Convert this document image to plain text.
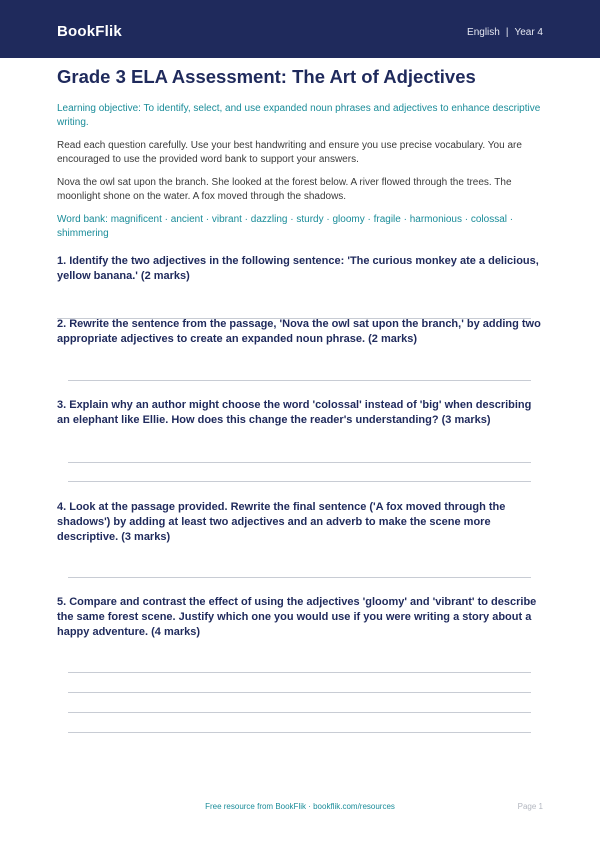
BookFlik	English | Year 4
Grade 3 ELA Assessment: The Art of Adjectives

Learning objective: To identify, select, and use expanded noun phrases and adjectives to enhance descriptive writing.

Read each question carefully. Use your best handwriting and ensure you use precise vocabulary. You are encouraged to use the provided word bank to support your answers.

Nova the owl sat upon the branch. She looked at the forest below. A river flowed through the trees. The moonlight shone on the water. A fox moved through the shadows.

Word bank: magnificent · ancient · vibrant · dazzling · sturdy · gloomy · fragile · harmonious · colossal · shimmering

1. Identify the two adjectives in the following sentence: 'The curious monkey ate a delicious, yellow banana.' (2 marks)

2. Rewrite the sentence from the passage, 'Nova the owl sat upon the branch,' by adding two appropriate adjectives to create an expanded noun phrase. (2 marks)

3. Explain why an author might choose the word 'colossal' instead of 'big' when describing an elephant like Ellie. How does this change the reader's understanding? (3 marks)

4. Look at the passage provided. Rewrite the final sentence ('A fox moved through the shadows') by adding at least two adjectives and an adverb to make the scene more descriptive. (3 marks)

5. Compare and contrast the effect of using the adjectives 'gloomy' and 'vibrant' to describe the same forest scene. Justify which one you would use if you were writing a story about a happy adventure. (4 marks)

Free resource from BookFlik · bookflik.com/resources	Page 1
